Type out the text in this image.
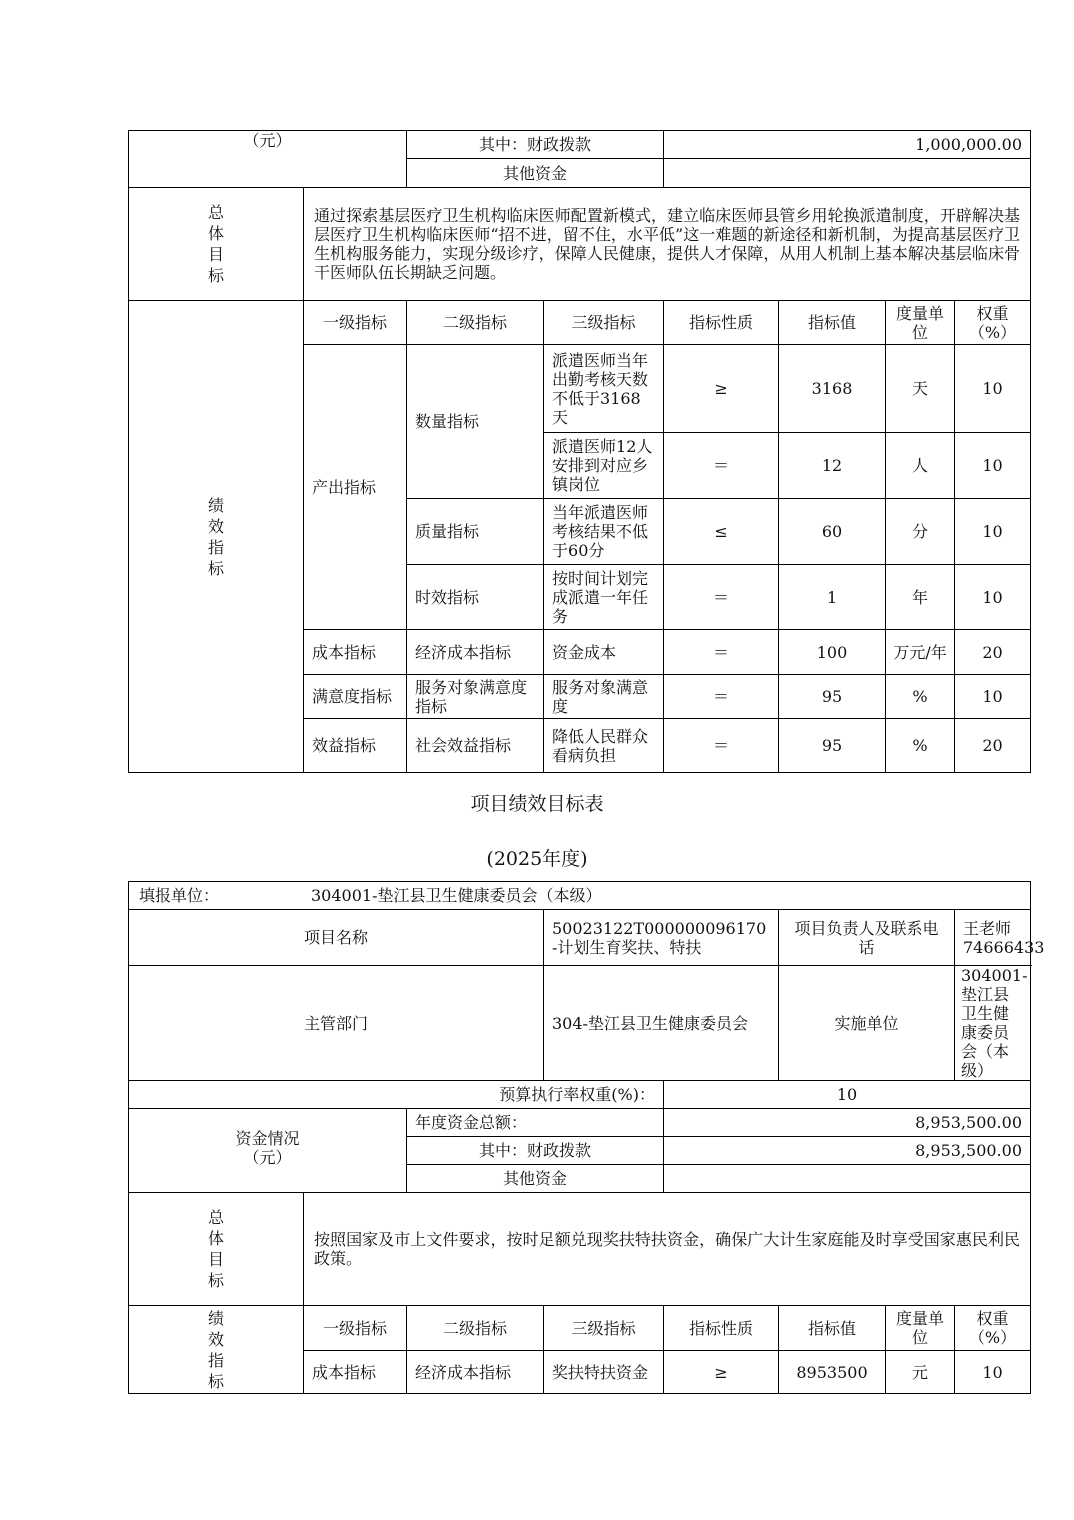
（元）		其中：财政拨款		1,000,000.00			
		其他资金					

总
体
目
标	通过探索基层医疗卫生机构临床医师配置新模式，建立临床医师县管乡用轮换派遣制度，开辟解决基层医疗卫生机构临床医师“招不进，留不住，水平低”这一难题的新途径和新机制，为提高基层医疗卫生机构服务能力，实现分级诊疗，保障人民健康，提供人才保障，从用人机制上基本解决基层临床骨干医师队伍长期缺乏问题。						

绩
效
指
标	一级指标	二级指标	三级指标	指标性质	指标值	度量单位	权重（%）
	产出指标	数量指标	派遣医师当年出勤考核天数不低于3168天	≥	3168	天	10
			派遣医师12人安排到对应乡镇岗位	＝	12	人	10
		质量指标	当年派遣医师考核结果不低于60分	≤	60	分	10
		时效指标	按时间计划完成派遣一年任务	＝	1	年	10
	成本指标	经济成本指标	资金成本	＝	100	万元/年	20
	满意度指标	服务对象满意度指标	服务对象满意度	＝	95	%	10
	效益指标	社会效益指标	降低人民群众看病负担	＝	95	%	20
项目绩效目标表
(2025年度)
填报单位： 304001-垫江县卫生健康委员会（本级）							
项目名称			50023122T000000096170-计划生育奖扶、特扶		项目负责人及联系电话		王老师
74666433

主管部门			304-垫江县卫生健康委员会		实施单位		304001-垫江县卫生健康委员会（本级）
预算执行率权重(%)：				10			

资金情况
（元）		年度资金总额：		8,953,500.00			
		其中：财政拨款		8,953,500.00			
		其他资金					

总
体
目
标	按照国家及市上文件要求，按时足额兑现奖扶特扶资金，确保广大计生家庭能及时享受国家惠民利民政策。						

绩
效
指
标	一级指标	二级指标	三级指标	指标性质	指标值	度量单位	权重（%）
	成本指标	经济成本指标	奖扶特扶资金	≥	8953500	元	10
